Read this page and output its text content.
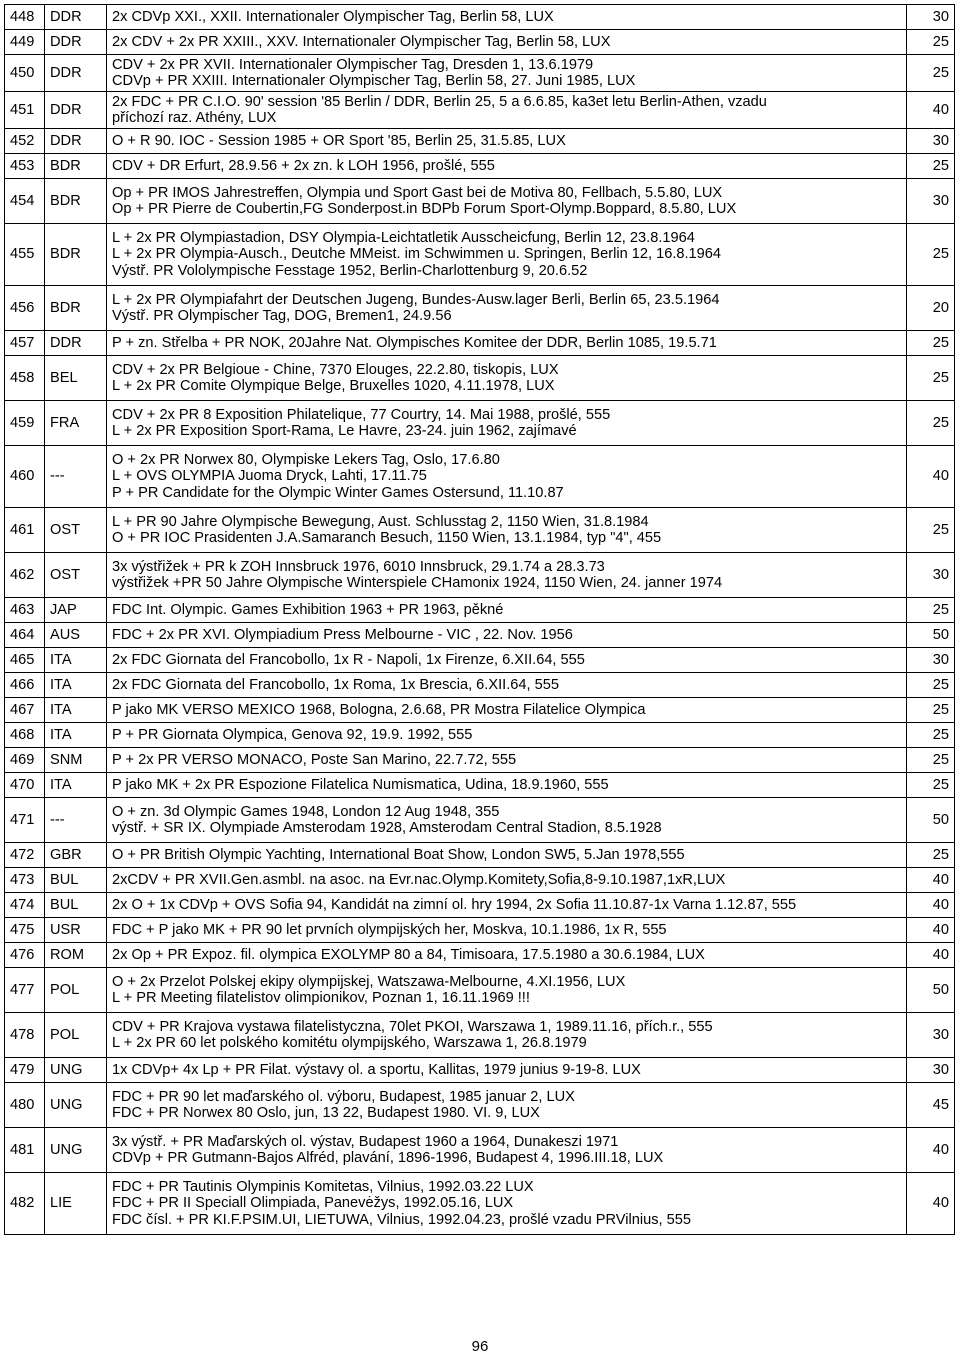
448	DDR	2x CDVp XXI., XXII. Internationaler Olympischer Tag, Berlin 58, LUX	30
449	DDR	2x CDV + 2x PR XXIII., XXV. Internationaler Olympischer Tag, Berlin 58, LUX	25
450	DDR	CDV + 2x PR XVII. Internationaler Olympischer Tag, Dresden 1, 13.6.1979
CDVp + PR XXIII. Internationaler Olympischer Tag, Berlin 58, 27. Juni 1985, LUX	25
451	DDR	2x FDC + PR C.I.O. 90' session '85 Berlin / DDR, Berlin 25, 5 a 6.6.85, ka3et letu Berlin-Athen, vzadu
příchozí raz. Athény, LUX	40
452	DDR	O + R 90. IOC - Session 1985 + OR Sport '85, Berlin 25, 31.5.85, LUX	30
453	BDR	CDV + DR Erfurt, 28.9.56 + 2x zn. k LOH 1956, prošlé, 555	25
454	BDR	Op + PR IMOS Jahrestreffen, Olympia und Sport Gast bei de Motiva 80, Fellbach, 5.5.80, LUX
Op + PR Pierre de Coubertin,FG Sonderpost.in BDPb Forum Sport-Olymp.Boppard, 8.5.80, LUX	30
455	BDR	L + 2x PR Olympiastadion, DSY Olympia-Leichtatletik Ausscheicfung, Berlin 12, 23.8.1964
L + 2x PR Olympia-Ausch., Deutche MMeist. im Schwimmen u. Springen, Berlin 12, 16.8.1964
Výstř. PR Vololympische Fesstage 1952, Berlin-Charlottenburg 9, 20.6.52	25
456	BDR	L + 2x PR Olympiafahrt der Deutschen Jugeng, Bundes-Ausw.lager Berli, Berlin 65, 23.5.1964
Výstř. PR Olympischer Tag, DOG, Bremen1, 24.9.56	20
457	DDR	P + zn. Střelba + PR NOK, 20Jahre Nat. Olympisches Komitee der DDR, Berlin 1085, 19.5.71	25
458	BEL	CDV + 2x PR Belgioue - Chine, 7370 Elouges, 22.2.80, tiskopis, LUX
L + 2x PR Comite Olympique Belge, Bruxelles 1020, 4.11.1978, LUX	25
459	FRA	CDV + 2x PR 8 Exposition Philatelique, 77 Courtry, 14. Mai 1988, prošlé, 555
L + 2x PR Exposition Sport-Rama, Le Havre, 23-24. juin 1962, zajímavé	25
460	---	O + 2x PR Norwex 80, Olympiske Lekers Tag, Oslo, 17.6.80
L + OVS OLYMPIA Juoma Dryck, Lahti, 17.11.75
P + PR Candidate for the Olympic Winter Games Ostersund, 11.10.87	40
461	OST	L + PR 90 Jahre Olympische Bewegung, Aust. Schlusstag 2, 1150 Wien, 31.8.1984
O + PR IOC Prasidenten J.A.Samaranch Besuch, 1150 Wien, 13.1.1984, typ "4", 455	25
462	OST	3x výstřižek + PR k ZOH Innsbruck 1976, 6010 Innsbruck, 29.1.74 a 28.3.73
výstřižek +PR 50 Jahre Olympische Winterspiele CHamonix 1924, 1150 Wien, 24. janner 1974	30
463	JAP	FDC Int. Olympic. Games Exhibition 1963 + PR 1963, pěkné	25
464	AUS	FDC + 2x PR XVI. Olympiadium Press Melbourne - VIC , 22. Nov. 1956	50
465	ITA	2x FDC Giornata del Francobollo, 1x R - Napoli, 1x Firenze, 6.XII.64, 555	30
466	ITA	2x FDC Giornata del Francobollo, 1x Roma, 1x Brescia, 6.XII.64, 555	25
467	ITA	P jako MK VERSO MEXICO 1968, Bologna, 2.6.68, PR Mostra Filatelice Olympica	25
468	ITA	P + PR Giornata Olympica, Genova 92, 19.9. 1992, 555	25
469	SNM	P + 2x PR VERSO MONACO, Poste San Marino, 22.7.72, 555	25
470	ITA	P jako MK + 2x PR Espozione Filatelica Numismatica, Udina, 18.9.1960, 555	25
471	---	O + zn. 3d Olympic Games 1948, London 12 Aug 1948, 355
výstř. + SR IX. Olympiade Amsterodam 1928, Amsterodam Central Stadion, 8.5.1928	50
472	GBR	O + PR British Olympic Yachting, International Boat Show, London SW5, 5.Jan 1978,555	25
473	BUL	2xCDV + PR XVII.Gen.asmbl. na asoc. na Evr.nac.Olymp.Komitety,Sofia,8-9.10.1987,1xR,LUX	40
474	BUL	2x O + 1x CDVp + OVS Sofia 94, Kandidát na zimní ol. hry 1994, 2x Sofia 11.10.87-1x Varna 1.12.87, 555	40
475	USR	FDC + P jako MK + PR 90 let prvních olympijských her, Moskva, 10.1.1986, 1x R, 555	40
476	ROM	2x Op + PR Expoz. fil. olympica EXOLYMP 80 a 84, Timisoara, 17.5.1980 a 30.6.1984, LUX	40
477	POL	O + 2x Przelot Polskej ekipy olympijskej, Watszawa-Melbourne, 4.XI.1956, LUX
L + PR Meeting filatelistov olimpionikov, Poznan 1, 16.11.1969 !!!	50
478	POL	CDV + PR Krajova vystawa filatelistyczna, 70let PKOI, Warszawa 1, 1989.11.16, přích.r., 555
L + 2x PR 60 let polského komitétu olympijského, Warszawa 1, 26.8.1979	30
479	UNG	1x CDVp+ 4x Lp + PR Filat. výstavy ol. a sportu, Kallitas, 1979 junius 9-19-8. LUX	30
480	UNG	FDC + PR 90 let maďarského ol. výboru, Budapest, 1985 januar 2, LUX
FDC + PR Norwex 80 Oslo, jun, 13 22, Budapest 1980. VI. 9, LUX	45
481	UNG	3x výstř. + PR Maďarských ol. výstav, Budapest 1960 a 1964, Dunakeszi 1971
CDVp + PR Gutmann-Bajos Alfréd, plavání, 1896-1996, Budapest 4, 1996.III.18, LUX	40
482	LIE	FDC + PR Tautinis Olympinis Komitetas, Vilnius, 1992.03.22 LUX
FDC + PR II Speciall Olimpiada, Panevėžys, 1992.05.16, LUX
FDC čísl. + PR KI.F.PSIM.UI, LIETUWA, Vilnius, 1992.04.23, prošlé vzadu PRVilnius, 555	40
96
